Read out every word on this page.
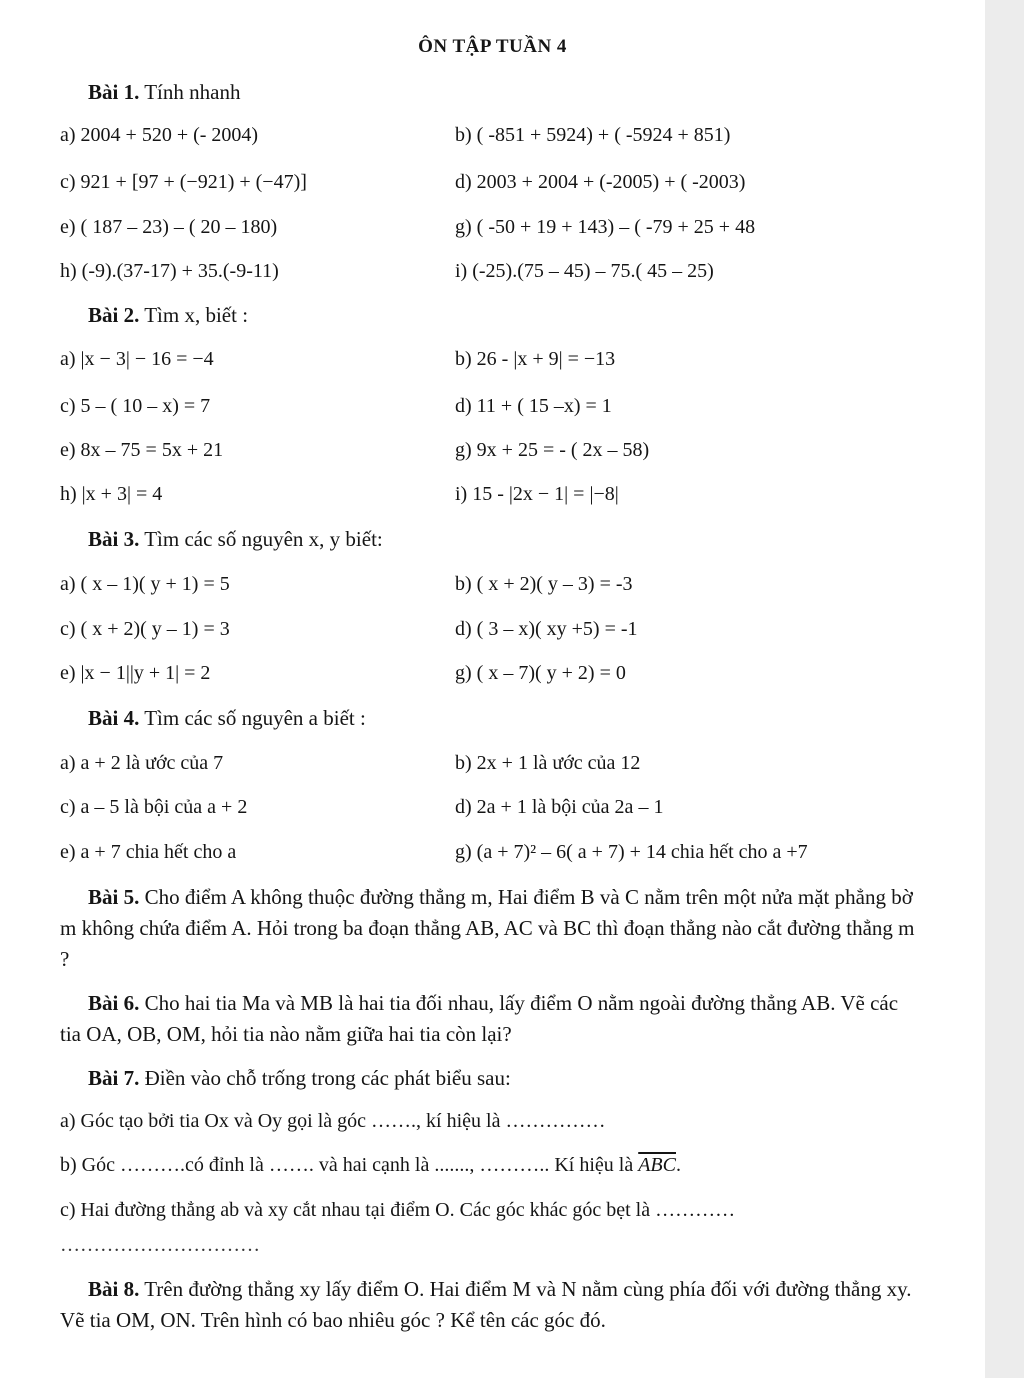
ÔN TẬP TUẦN 4
Bài 1. Tính nhanh
a) 2004 + 520 + (- 2004)	b) ( -851 + 5924) + ( -5924 + 851)
c) 921 + [97 + (−921) + (−47)]	d) 2003 + 2004 + (-2005) + ( -2003)
e) ( 187 – 23) – ( 20 – 180)	g) ( -50 + 19 + 143) – ( -79 + 25 + 48
h) (-9).(37-17) + 35.(-9-11)	i) (-25).(75 – 45) – 75.( 45 – 25)
Bài 2. Tìm x, biết :
a) |x − 3| − 16 = −4	b) 26 - |x + 9| = −13
c) 5 – ( 10 – x) = 7	d) 11 + ( 15 –x) = 1
e) 8x – 75 = 5x + 21	g) 9x + 25 = - ( 2x – 58)
h) |x + 3| = 4	i) 15 - |2x − 1| = |−8|
Bài 3. Tìm các số nguyên x, y biết:
a) ( x – 1)( y + 1) = 5	b) ( x + 2)( y – 3) = -3
c) ( x + 2)( y – 1) = 3	d) ( 3 – x)( xy +5) = -1
e) |x − 1||y + 1| = 2	g) ( x – 7)( y + 2) = 0
Bài 4. Tìm các số nguyên a biết :
a) a + 2 là ước của 7	b) 2x + 1 là ước của 12
c) a – 5 là bội của a + 2	d) 2a + 1 là bội của 2a – 1
e) a + 7 chia hết cho a	g) (a + 7)² – 6( a + 7) + 14 chia hết cho a +7
Bài 5. Cho điểm A không thuộc đường thẳng m, Hai điểm B và C nằm trên một nửa mặt phẳng bờ m không chứa điểm A. Hỏi trong ba đoạn thẳng AB, AC và BC thì đoạn thẳng nào cắt đường thẳng m ?
Bài 6. Cho hai tia Ma và MB là hai tia đối nhau, lấy điểm O nằm ngoài đường thẳng AB. Vẽ các tia OA, OB, OM, hỏi tia nào nằm giữa hai tia còn lại?
Bài 7. Điền vào chỗ trống trong các phát biểu sau:
a) Góc tạo bởi tia Ox và Oy gọi là góc ……., kí hiệu là ……………
b) Góc ……….có đỉnh là ……. và hai cạnh là ......., ……….. Kí hiệu là $\overline{ABC}$.
c) Hai đường thẳng ab và xy cắt nhau tại điểm O. Các góc khác góc bẹt là …………
…………………………
Bài 8. Trên đường thẳng xy lấy điểm O. Hai điểm M và N nằm cùng phía đối với đường thẳng xy. Vẽ tia OM, ON. Trên hình có bao nhiêu góc ? Kể tên các góc đó.
